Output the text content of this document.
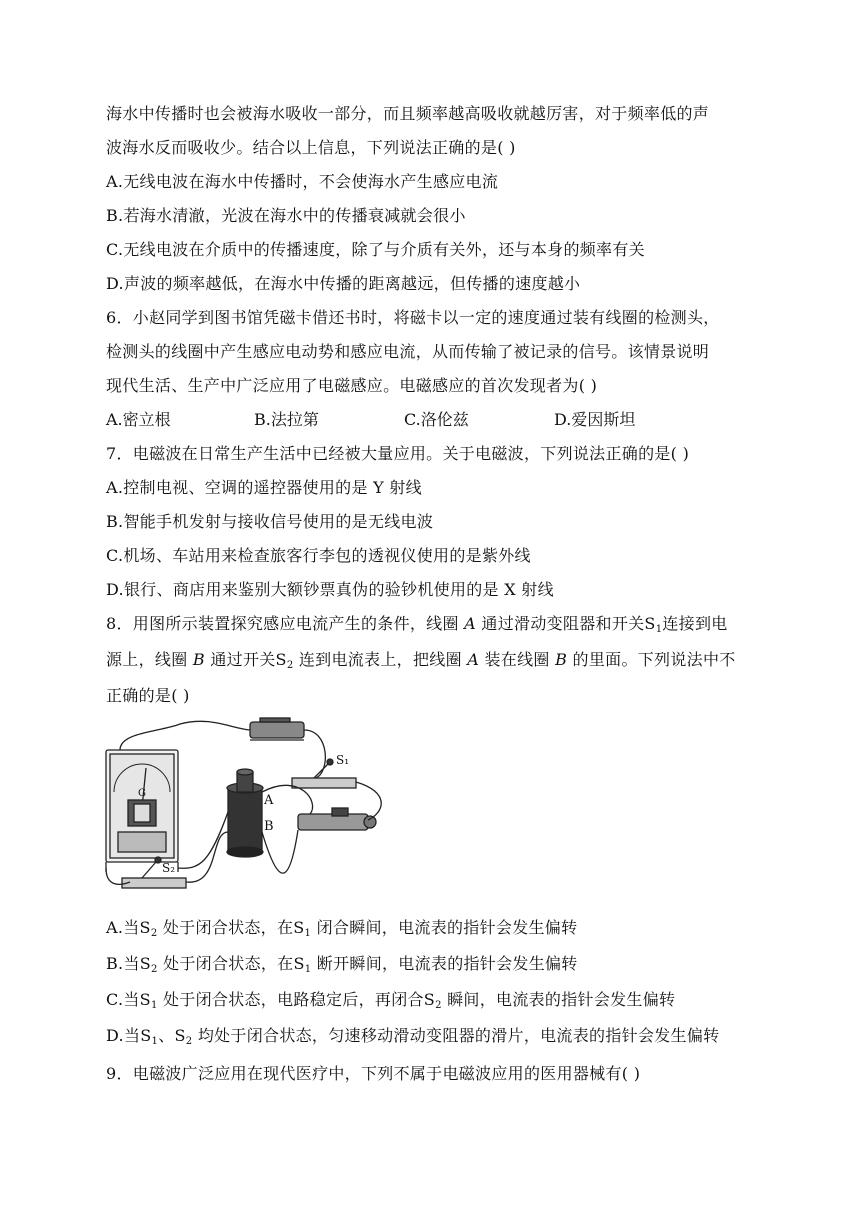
海水中传播时也会被海水吸收一部分，而且频率越高吸收就越厉害，对于频率低的声
波海水反而吸收少。结合以上信息，下列说法正确的是( )
A.无线电波在海水中传播时，不会使海水产生感应电流
B.若海水清澈，光波在海水中的传播衰减就会很小
C.无线电波在介质中的传播速度，除了与介质有关外，还与本身的频率有关
D.声波的频率越低，在海水中传播的距离越远，但传播的速度越小
6．小赵同学到图书馆凭磁卡借还书时，将磁卡以一定的速度通过装有线圈的检测头，
检测头的线圈中产生感应电动势和感应电流，从而传输了被记录的信号。该情景说明
现代生活、生产中广泛应用了电磁感应。电磁感应的首次发现者为( )
A.密立根	B.法拉第	C.洛伦兹	D.爱因斯坦
7．电磁波在日常生产生活中已经被大量应用。关于电磁波，下列说法正确的是( )
A.控制电视、空调的遥控器使用的是 Y 射线
B.智能手机发射与接收信号使用的是无线电波
C.机场、车站用来检查旅客行李包的透视仪使用的是紫外线
D.银行、商店用来鉴别大额钞票真伪的验钞机使用的是 X 射线
8．用图所示装置探究感应电流产生的条件，线圈 A 通过滑动变阻器和开关$S_1$连接到电
源上，线圈 B 通过开关$S_2$ 连到电流表上，把线圈 A 装在线圈 B 的里面。下列说法中不
正确的是( )
A
B
G
S₁
S₂
A.当$S_2$ 处于闭合状态，在$S_1$ 闭合瞬间，电流表的指针会发生偏转
B.当$S_2$ 处于闭合状态，在$S_1$ 断开瞬间，电流表的指针会发生偏转
C.当$S_1$ 处于闭合状态，电路稳定后，再闭合$S_2$ 瞬间，电流表的指针会发生偏转
D.当$S_1$、$S_2$ 均处于闭合状态，匀速移动滑动变阻器的滑片，电流表的指针会发生偏转
9．电磁波广泛应用在现代医疗中，下列不属于电磁波应用的医用器械有( )
